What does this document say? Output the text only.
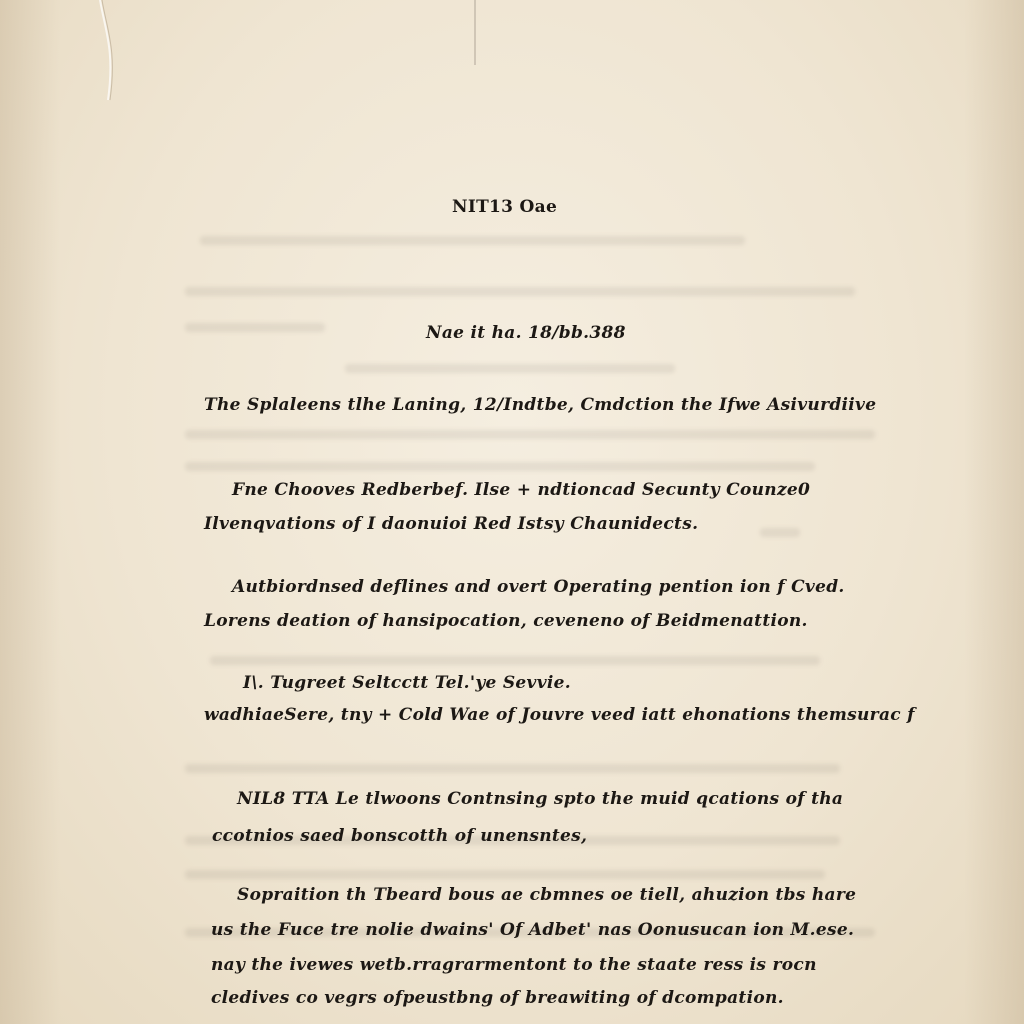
NIT13 Oae
Nae it ha. 18/bb.388
The Splaleens tlhe Laning, 12/Indtbe, Cmdction the Ifwe Asivurdiive
Fne Chooves Redberbef. Ilse + ndtioncad Secunty Counze0
Ilvenqvations of I daonuioi Red Istsy Chaunidects.
Autbiordnsed deflines and overt Operating pention ion f Cved.
Lorens deation of hansipocation, ceveneno of Beidmenattion.
I\. Tugreet Seltcctt Tel.'ye Sevvie.
wadhiaeSere, tny + Cold Wae of Jouvre veed iatt ehonations themsurac f
NIL8 TTA Le tlwoons Contnsing spto the muid qcations of tha
ccotnios saed bonscotth of unensntes,
Sopraition th Tbeard bous ae cbmnes oe tiell, ahuzion tbs hare
us the Fuce tre nolie dwains' Of Adbet' nas Oonusucan ion M.ese.
nay the ivewes wetb.rragrarmentont to the staate ress is rocn
cledives co vegrs ofpeustbng of breawiting of dcompation.
